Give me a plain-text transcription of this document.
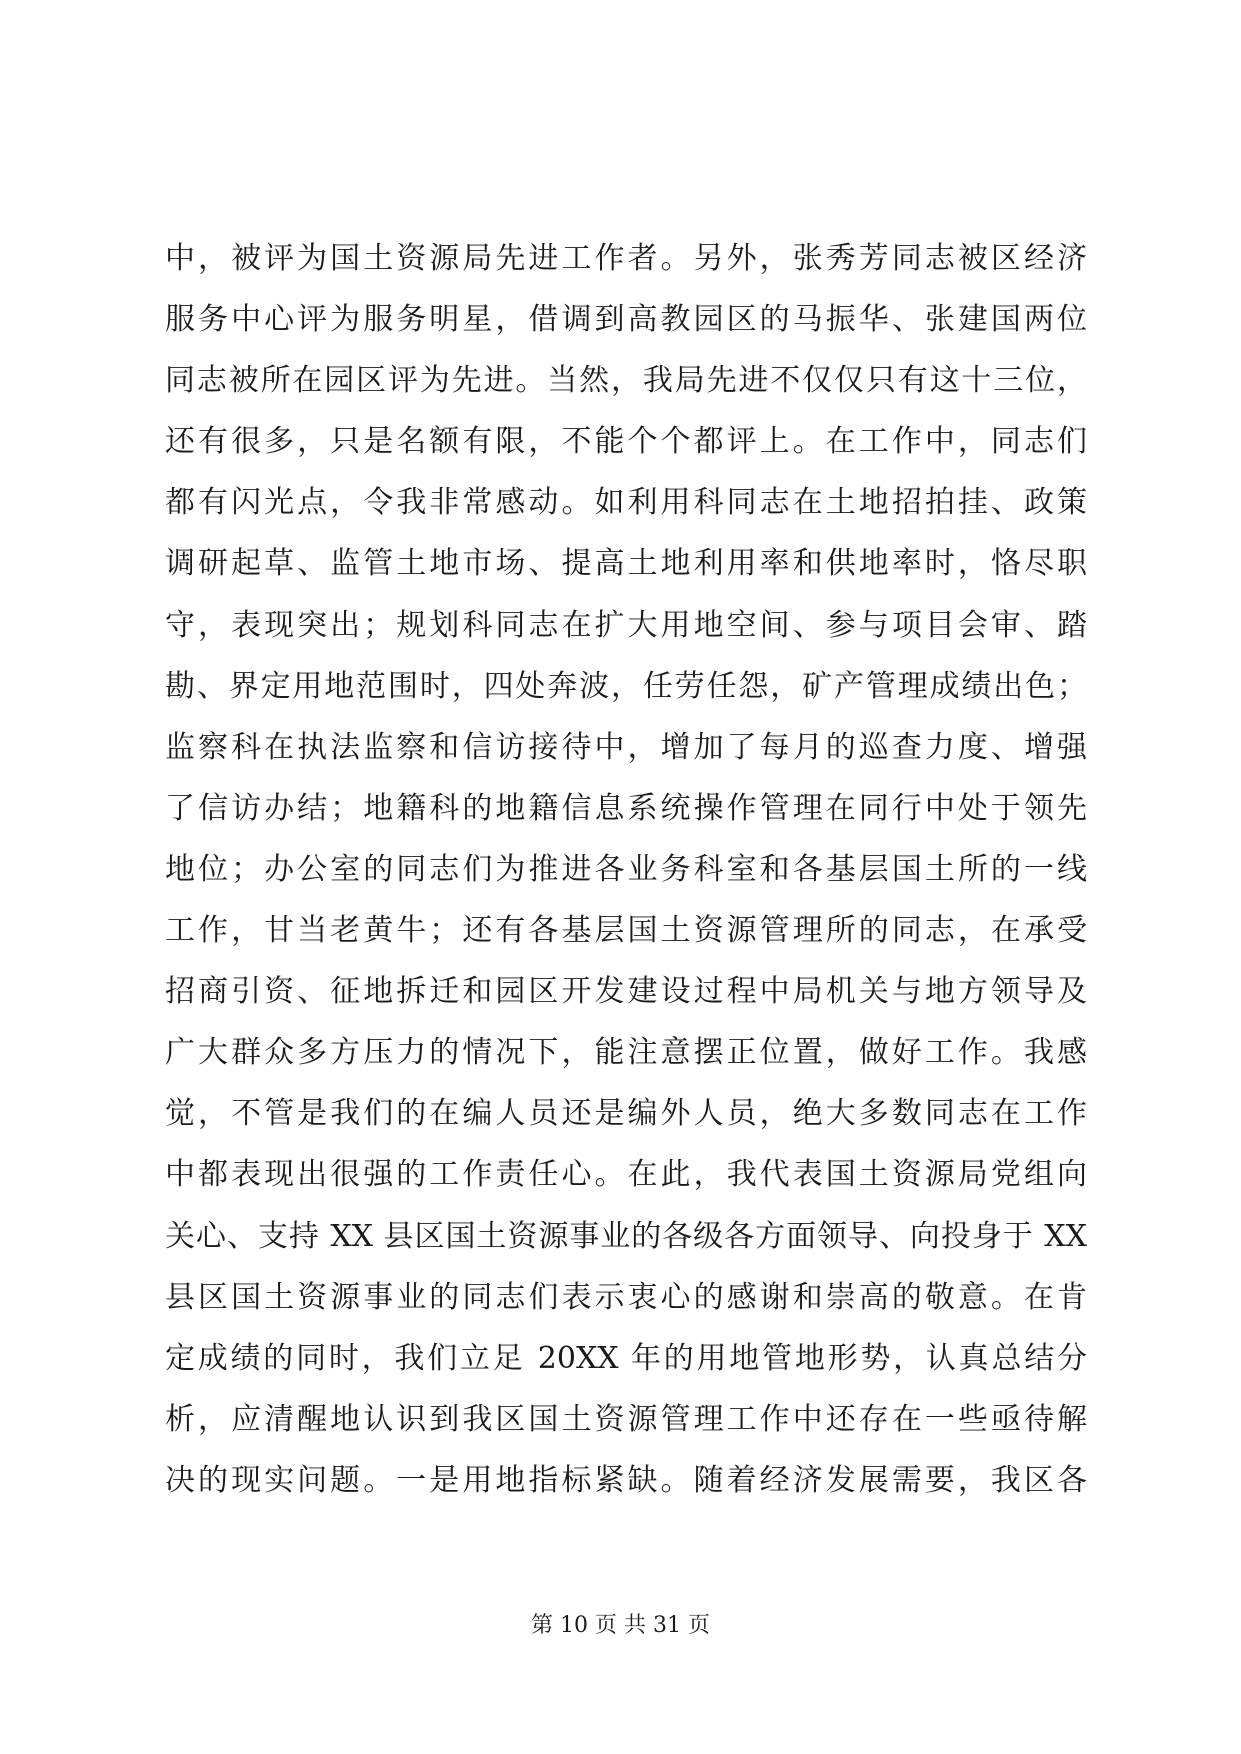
中，被评为国土资源局先进工作者。另外，张秀芳同志被区经济
服务中心评为服务明星，借调到高教园区的马振华、张建国两位
同志被所在园区评为先进。当然，我局先进不仅仅只有这十三位，
还有很多，只是名额有限，不能个个都评上。在工作中，同志们
都有闪光点，令我非常感动。如利用科同志在土地招拍挂、政策
调研起草、监管土地市场、提高土地利用率和供地率时，恪尽职
守，表现突出；规划科同志在扩大用地空间、参与项目会审、踏
勘、界定用地范围时，四处奔波，任劳任怨，矿产管理成绩出色；
监察科在执法监察和信访接待中，增加了每月的巡查力度、增强
了信访办结；地籍科的地籍信息系统操作管理在同行中处于领先
地位；办公室的同志们为推进各业务科室和各基层国土所的一线
工作，甘当老黄牛；还有各基层国土资源管理所的同志，在承受
招商引资、征地拆迁和园区开发建设过程中局机关与地方领导及
广大群众多方压力的情况下，能注意摆正位置，做好工作。我感
觉，不管是我们的在编人员还是编外人员，绝大多数同志在工作
中都表现出很强的工作责任心。在此，我代表国土资源局党组向
关心、支持 XX 县区国土资源事业的各级各方面领导、向投身于 XX
县区国土资源事业的同志们表示衷心的感谢和崇高的敬意。在肯
定成绩的同时，我们立足 20XX 年的用地管地形势，认真总结分
析，应清醒地认识到我区国土资源管理工作中还存在一些亟待解
决的现实问题。一是用地指标紧缺。随着经济发展需要，我区各
第 10 页 共 31 页
